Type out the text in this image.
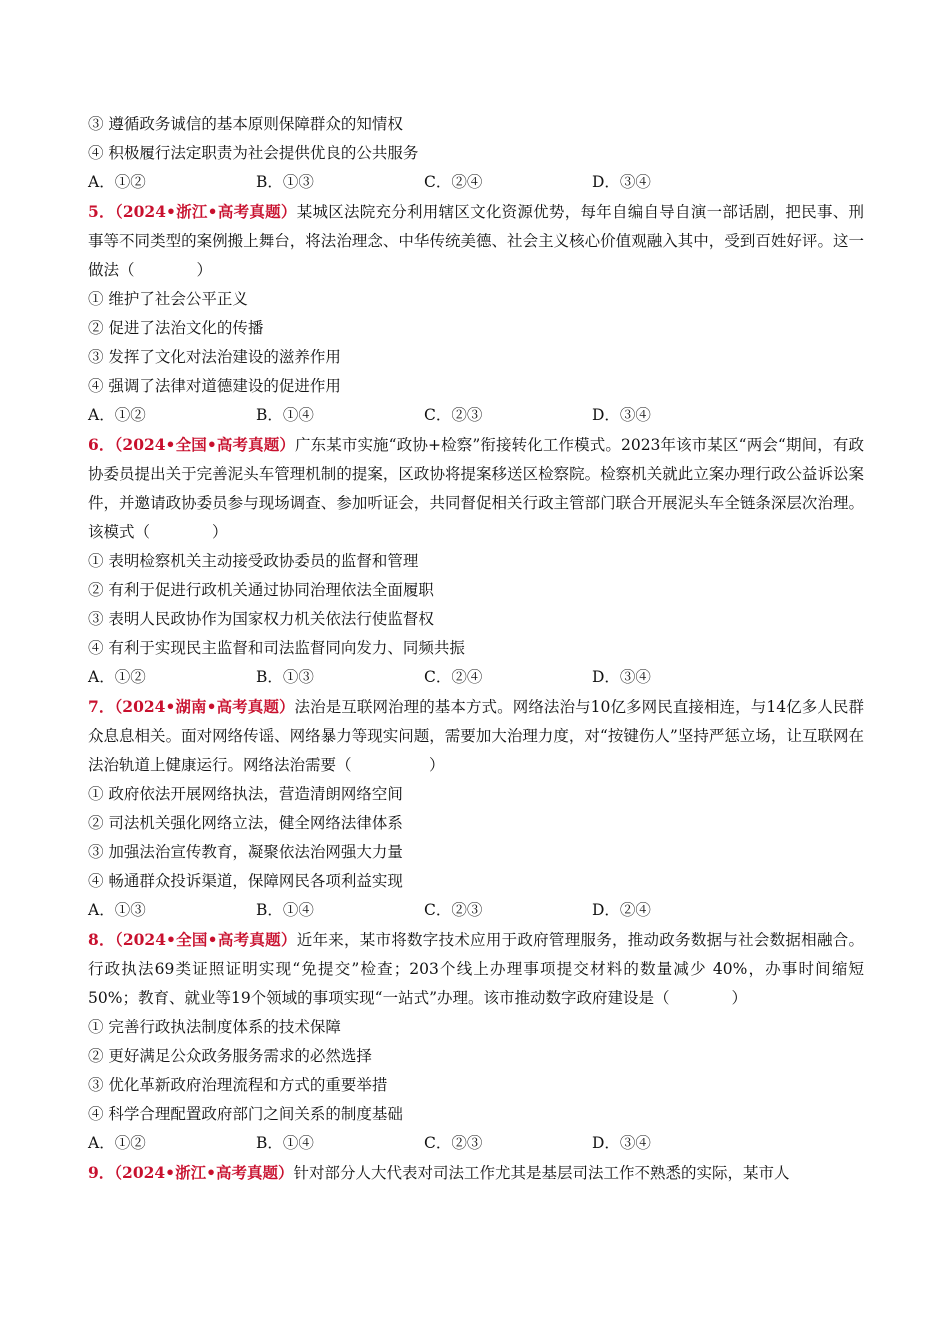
③ 遵循政务诚信的基本原则保障群众的知情权
④ 积极履行法定职责为社会提供优良的公共服务
A．①②	B．①③	C．②④	D．③④
5．（2024•浙江•高考真题）某城区法院充分利用辖区文化资源优势，每年自编自导自演一部话剧，把民事、刑事等不同类型的案例搬上舞台，将法治理念、中华传统美德、社会主义核心价值观融入其中，受到百姓好评。这一做法（　　　　）
① 维护了社会公平正义
② 促进了法治文化的传播
③ 发挥了文化对法治建设的滋养作用
④ 强调了法律对道德建设的促进作用
A．①②	B．①④	C．②③	D．③④
6．（2024•全国•高考真题）广东某市实施“政协+检察”衔接转化工作模式。2023年该市某区“两会“期间，有政协委员提出关于完善泥头车管理机制的提案，区政协将提案移送区检察院。检察机关就此立案办理行政公益诉讼案件，并邀请政协委员参与现场调查、参加听证会，共同督促相关行政主管部门联合开展泥头车全链条深层次治理。该模式（　　　　）
① 表明检察机关主动接受政协委员的监督和管理
② 有利于促进行政机关通过协同治理依法全面履职
③ 表明人民政协作为国家权力机关依法行使监督权
④ 有利于实现民主监督和司法监督同向发力、同频共振
A．①②	B．①③	C．②④	D．③④
7．（2024•湖南•高考真题）法治是互联网治理的基本方式。网络法治与10亿多网民直接相连，与14亿多人民群众息息相关。面对网络传谣、网络暴力等现实问题，需要加大治理力度，对“按键伤人”坚持严惩立场，让互联网在法治轨道上健康运行。网络法治需要（　　　　　）
① 政府依法开展网络执法，营造清朗网络空间
② 司法机关强化网络立法，健全网络法律体系
③ 加强法治宣传教育，凝聚依法治网强大力量
④ 畅通群众投诉渠道，保障网民各项利益实现
A．①③	B．①④	C．②③	D．②④
8．（2024•全国•高考真题）近年来，某市将数字技术应用于政府管理服务，推动政务数据与社会数据相融合。行政执法69类证照证明实现“免提交”检查；203个线上办理事项提交材料的数量减少 40%，办事时间缩短 50%；教育、就业等19个领域的事项实现“一站式”办理。该市推动数字政府建设是（　　　　）
① 完善行政执法制度体系的技术保障
② 更好满足公众政务服务需求的必然选择
③ 优化革新政府治理流程和方式的重要举措
④ 科学合理配置政府部门之间关系的制度基础
A．①②	B．①④	C．②③	D．③④
9．（2024•浙江•高考真题）针对部分人大代表对司法工作尤其是基层司法工作不熟悉的实际，某市人
